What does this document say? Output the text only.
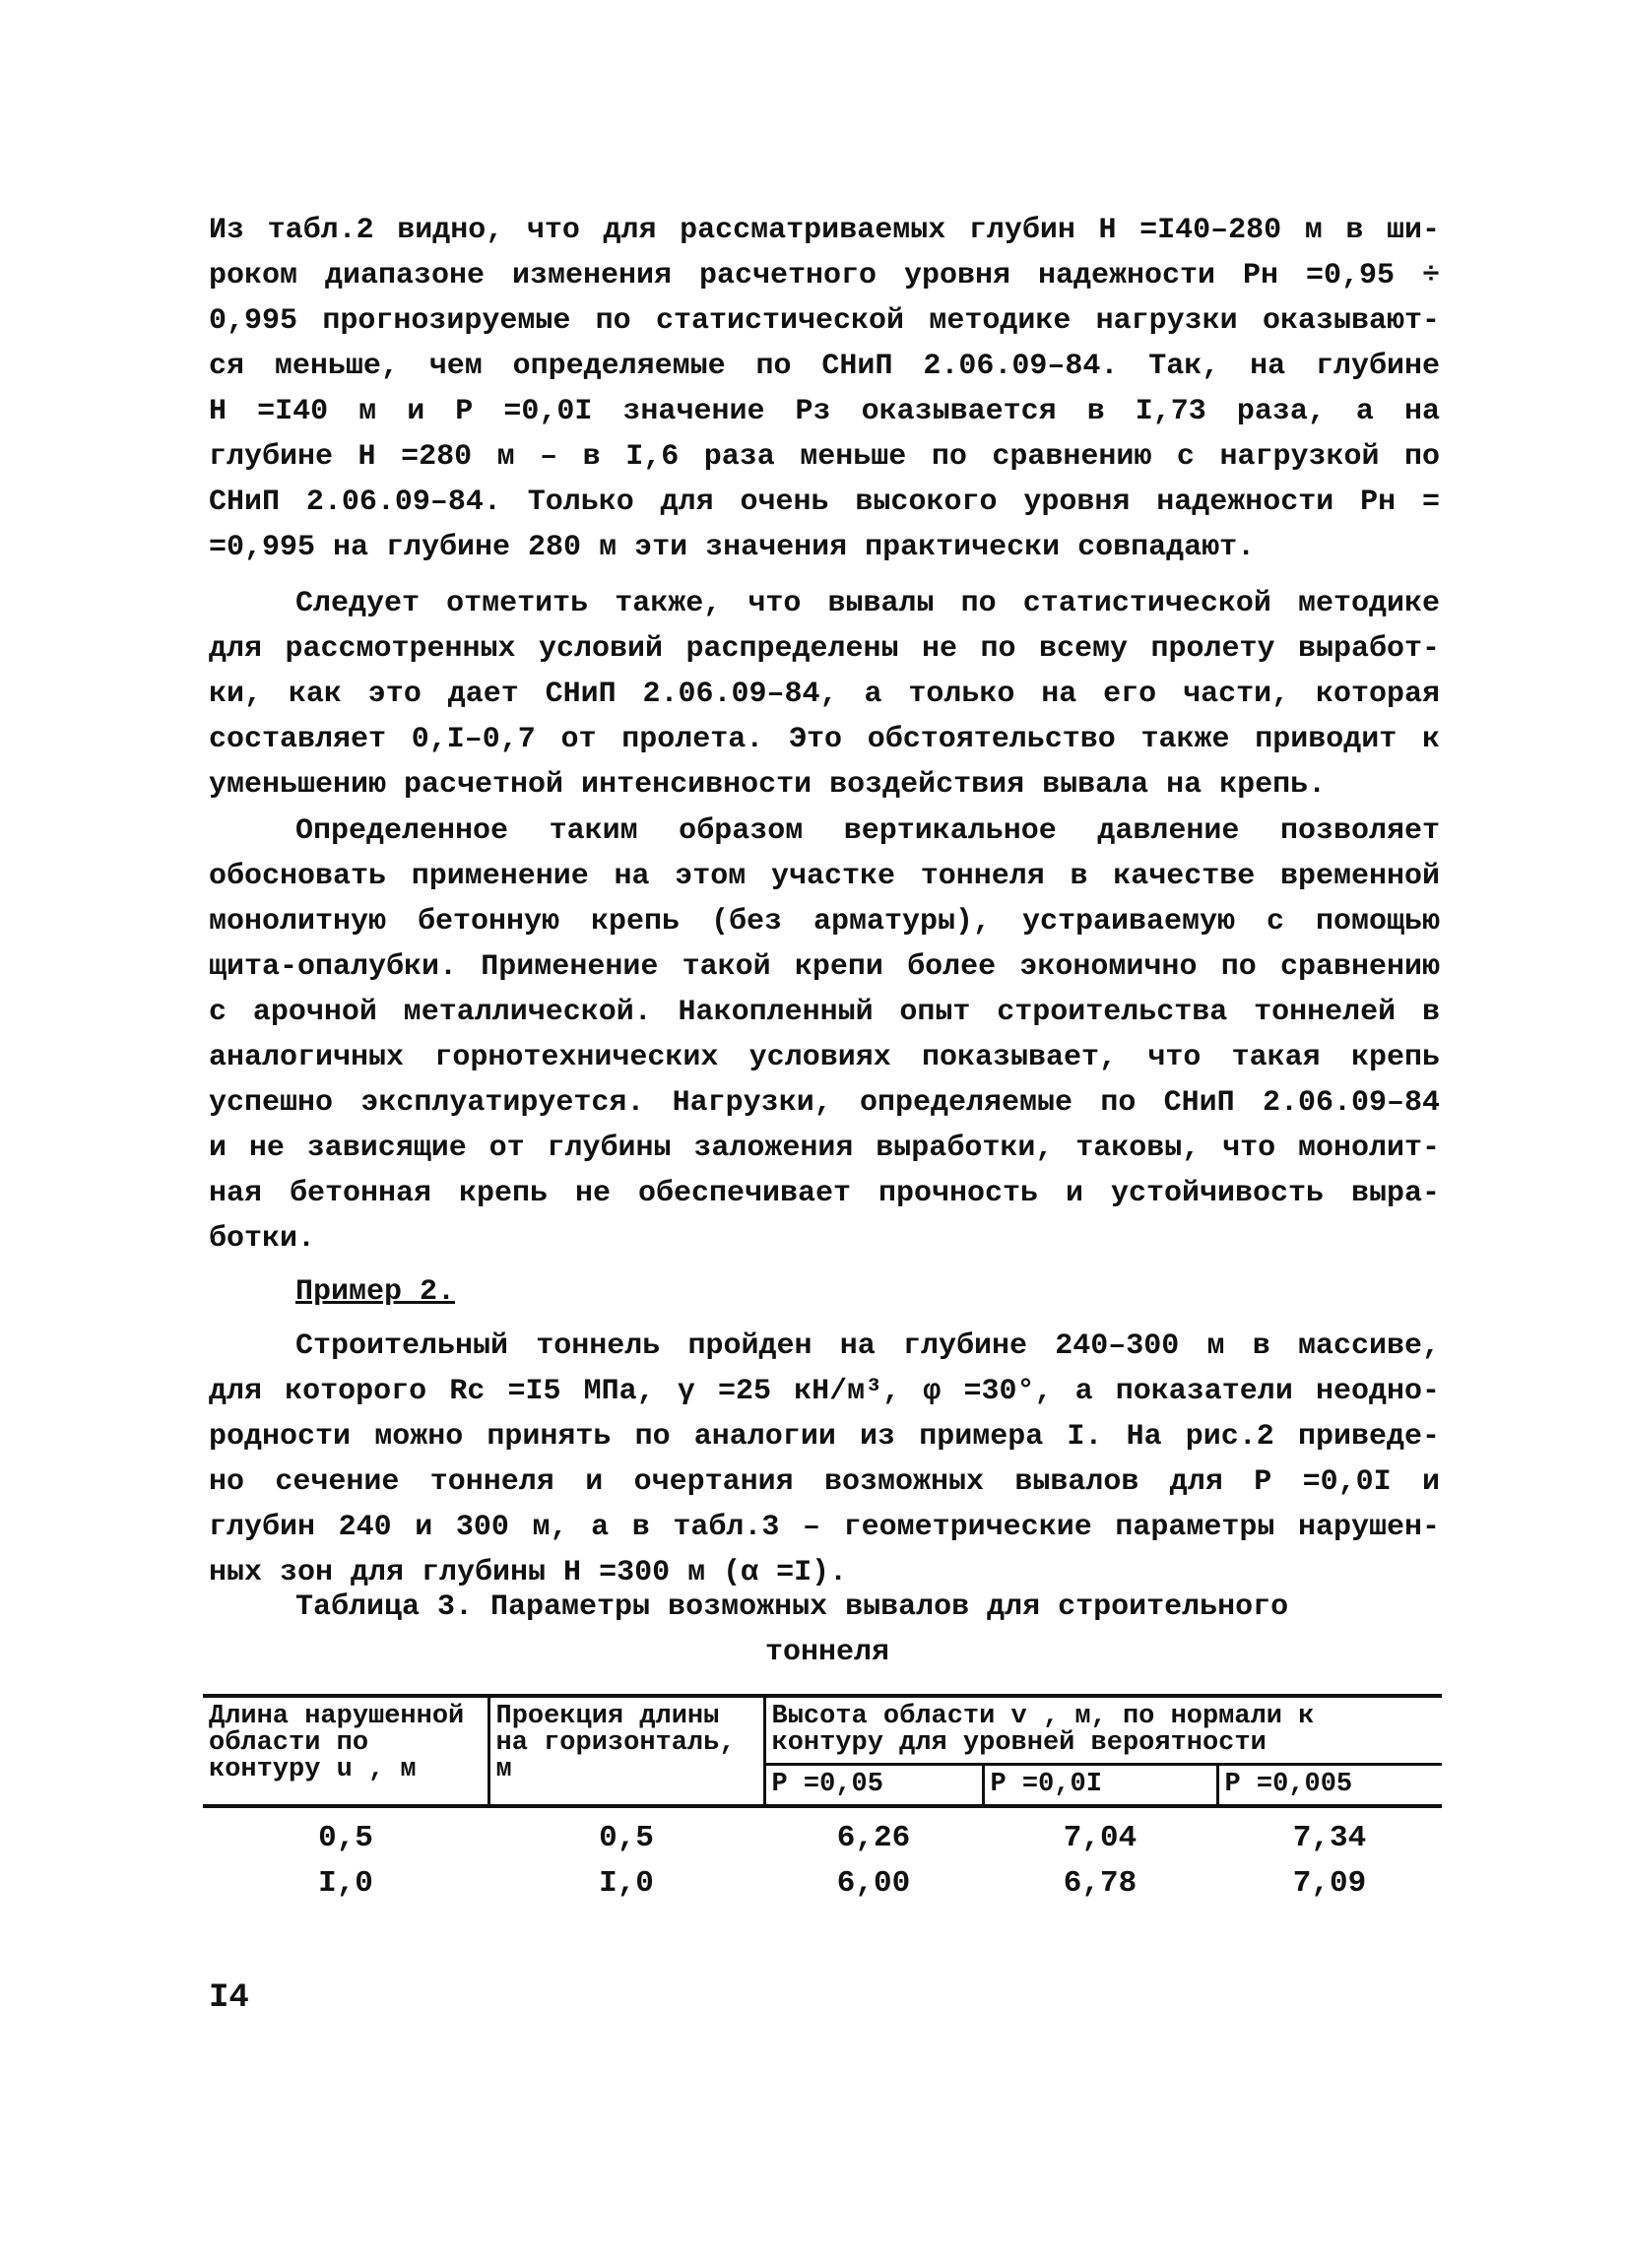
Из табл.2 видно, что для рассматриваемых глубин H =I40–280 м в ши-
роком диапазоне изменения расчетного уровня надежности Pн =0,95 ÷
0,995 прогнозируемые по статистической методике нагрузки оказывают-
ся меньше, чем определяемые по СНиП 2.06.09–84. Так, на глубине
H =I40 м и P =0,0I значение Pз оказывается в I,73 раза, а на
глубине H =280 м – в I,6 раза меньше по сравнению с нагрузкой по
СНиП 2.06.09–84. Только для очень высокого уровня надежности Pн =
=0,995 на глубине 280 м эти значения практически совпадают.
Следует отметить также, что вывалы по статистической методике
для рассмотренных условий распределены не по всему пролету выработ-
ки, как это дает СНиП 2.06.09–84, а только на его части, которая
составляет 0,I–0,7 от пролета. Это обстоятельство также приводит к
уменьшению расчетной интенсивности воздействия вывала на крепь.
Определенное таким образом вертикальное давление позволяет
обосновать применение на этом участке тоннеля в качестве временной
монолитную бетонную крепь (без арматуры), устраиваемую с помощью
щита-опалубки. Применение такой крепи более экономично по сравнению
с арочной металлической. Накопленный опыт строительства тоннелей в
аналогичных горнотехнических условиях показывает, что такая крепь
успешно эксплуатируется. Нагрузки, определяемые по СНиП 2.06.09–84
и не зависящие от глубины заложения выработки, таковы, что монолит-
ная бетонная крепь не обеспечивает прочность и устойчивость выра-
ботки.
Пример 2.
Строительный тоннель пройден на глубине 240–300 м в массиве,
для которого Rc =I5 МПа, γ =25 кН/м³, φ =30°, а показатели неодно-
родности можно принять по аналогии из примера I. На рис.2 приведе-
но сечение тоннеля и очертания возможных вывалов для P =0,0I и
глубин 240 и 300 м, а в табл.3 – геометрические параметры нарушен-
ных зон для глубины H =300 м (α =I).
Таблица 3. Параметры возможных вывалов для строительного
тоннеля
Длина нарушенной области по контуру u , м	Проекция длины на горизонталь, м	Высота области v , м, по нормали к контуру для уровней вероятности		
		P =0,05	P =0,0I	P =0,005
0,5	0,5	6,26	7,04	7,34
I,0	I,0	6,00	6,78	7,09
I4
